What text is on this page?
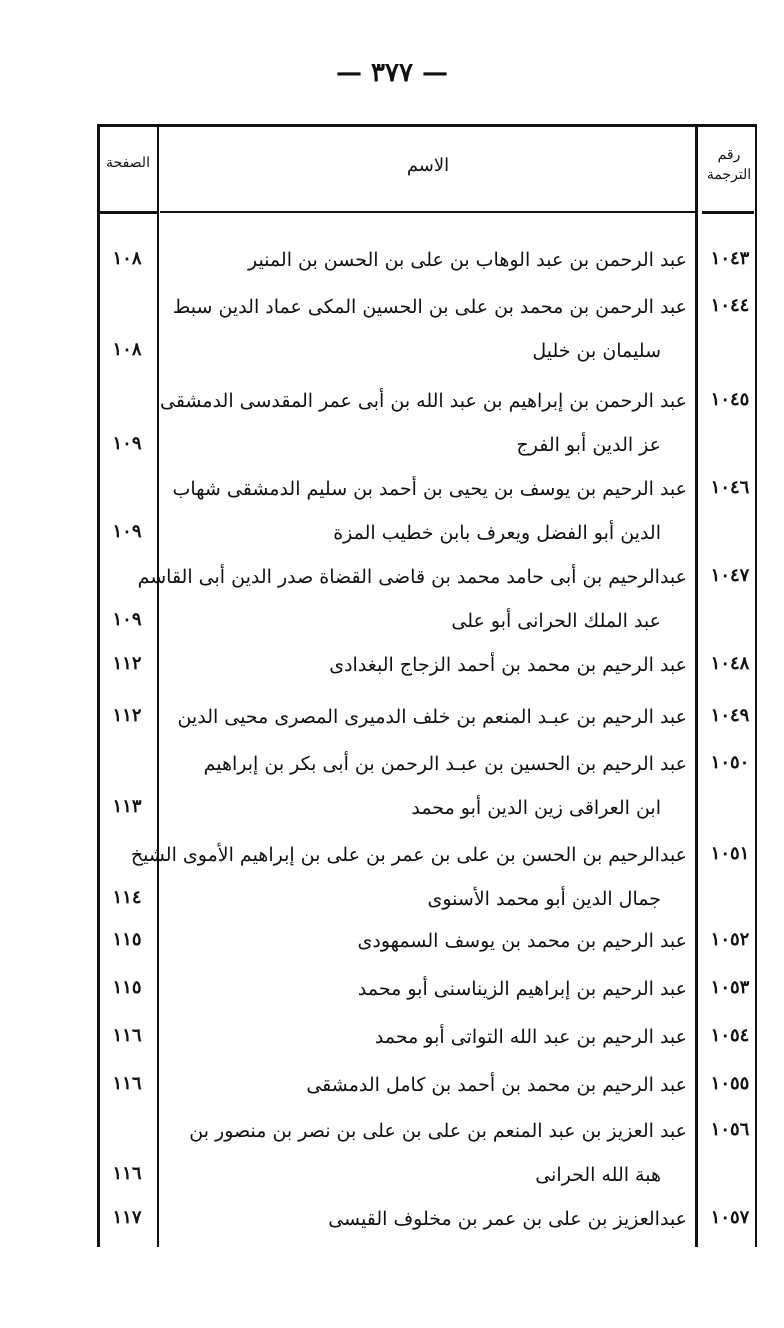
— ٣٧٧ —
الصفحة	الاسم	رقم الترجمة
١٠٤٣
عبد الرحمن بن عبد الوهاب بن على بن الحسن بن المنير
١٠٨
١٠٤٤
عبد الرحمن بن محمد بن على بن الحسين المكى عماد الدين سبط
سليمان بن خليل
١٠٨
١٠٤٥
عبد الرحمن بن إبراهيم بن عبد الله بن أبى عمر المقدسى الدمشقى
عز الدين أبو الفرج
١٠٩
١٠٤٦
عبد الرحيم بن يوسف بن يحيى بن أحمد بن سليم الدمشقى شهاب
الدين أبو الفضل ويعرف بابن خطيب المزة
١٠٩
١٠٤٧
عبدالرحيم بن أبى حامد محمد بن قاضى القضاة صدر الدين أبى القاسم
عبد الملك الحرانى أبو على
١٠٩
١٠٤٨
عبد الرحيم بن محمد بن أحمد الزجاج البغدادى
١١٢
١٠٤٩
عبد الرحيم بن عبـد المنعم بن خلف الدميرى المصرى محيى الدين
١١٢
١٠٥٠
عبد الرحيم بن الحسين بن عبـد الرحمن بن أبى بكر بن إبراهيم
ابن العراقى زين الدين أبو محمد
١١٣
١٠٥١
عبدالرحيم بن الحسن بن على بن عمر بن على بن إبراهيم الأموى الشيخ
جمال الدين أبو محمد الأسنوى
١١٤
١٠٥٢
عبد الرحيم بن محمد بن يوسف السمهودى
١١٥
١٠٥٣
عبد الرحيم بن إبراهيم الزيناسنى أبو محمد
١١٥
١٠٥٤
عبد الرحيم بن عبد الله التواتى أبو محمد
١١٦
١٠٥٥
عبد الرحيم بن محمد بن أحمد بن كامل الدمشقى
١١٦
١٠٥٦
عبد العزيز بن عبد المنعم بن على بن على بن نصر بن منصور بن
هبة الله الحرانى
١١٦
١٠٥٧
عبدالعزيز بن على بن عمر بن مخلوف القيسى
١١٧
